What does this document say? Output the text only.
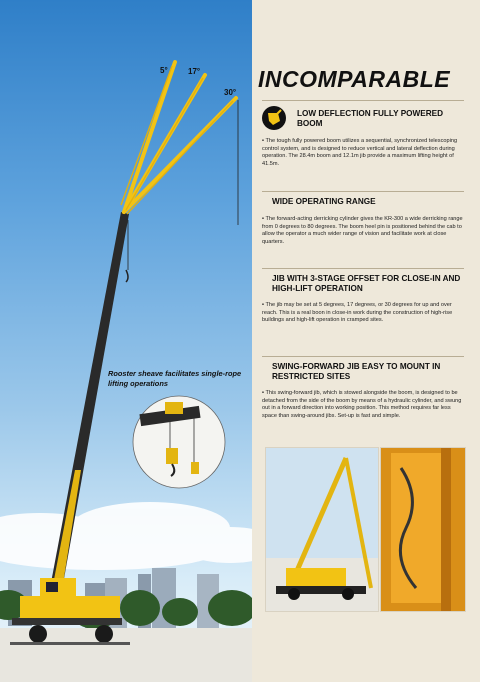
5°	17°
30°
Rooster sheave facilitates single-rope lifting operations
INCOMPARABLE
LOW DEFLECTION FULLY POWERED BOOM
• The tough fully powered boom utilizes a sequential, synchronized telescoping control system, and is designed to reduce vertical and lateral deflection during operation. The 28.4m boom and 12.1m jib provide a maximum lifting height of 41.5m.
WIDE OPERATING RANGE
• The forward-acting derricking cylinder gives the KR-300 a wide derricking range from 0 degrees to 80 degrees. The boom heel pin is positioned behind the cab to allow the operator a much wider range of vision and facilitate work at close quarters.
JIB WITH 3-STAGE OFFSET FOR CLOSE-IN AND HIGH-LIFT OPERATION
• The jib may be set at 5 degrees, 17 degrees, or 30 degrees for up and over reach. This is a real boon in close-in work during the construction of high-rise buildings and high-lift operation in cramped sites.
SWING-FORWARD JIB EASY TO MOUNT IN RESTRICTED SITES
• This swing-forward jib, which is stowed alongside the boom, is designed to be detached from the side of the boom by means of a hydraulic cylinder, and swung out in a forward direction into working position. This method requires far less space than swing-around jibs. Set-up is fast and simple.
